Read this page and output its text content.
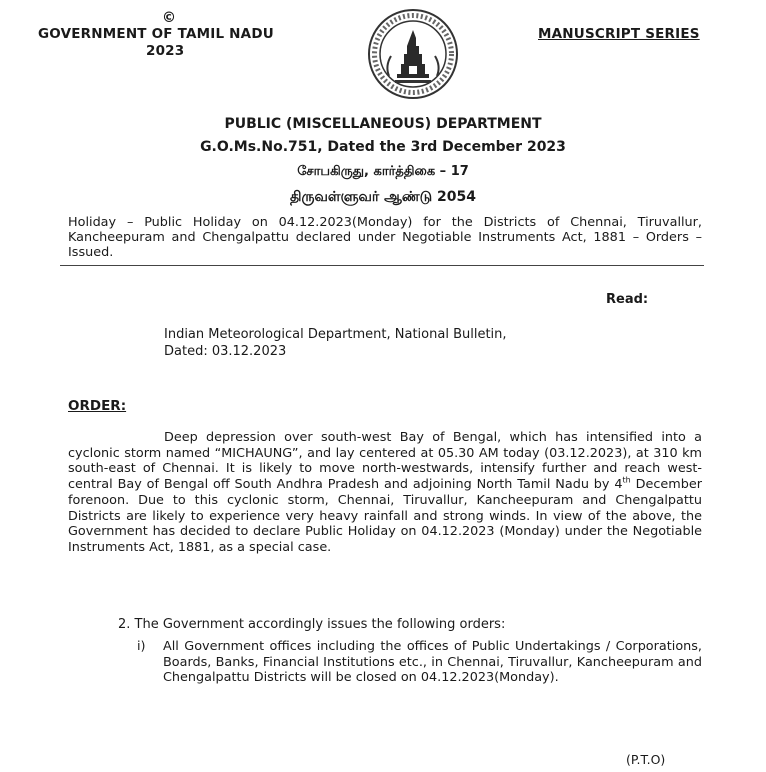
©
GOVERNMENT OF TAMIL NADU
2023
MANUSCRIPT SERIES
PUBLIC (MISCELLANEOUS) DEPARTMENT
G.O.Ms.No.751, Dated the 3rd December 2023
சோபகிருது, கார்த்திகை – 17
திருவள்ளுவர் ஆண்டு 2054
Holiday – Public Holiday on 04.12.2023(Monday) for the Districts of Chennai, Tiruvallur, Kancheepuram and Chengalpattu declared under Negotiable Instruments Act, 1881 – Orders – Issued.
Read:
Indian Meteorological Department, National Bulletin,
Dated: 03.12.2023
ORDER:
Deep depression over south-west Bay of Bengal, which has intensified into a cyclonic storm named “MICHAUNG”, and lay centered at 05.30 AM today (03.12.2023), at 310 km south-east of Chennai. It is likely to move north-westwards, intensify further and reach west-central Bay of Bengal off South Andhra Pradesh and adjoining North Tamil Nadu by 4th December forenoon. Due to this cyclonic storm, Chennai, Tiruvallur, Kancheepuram and Chengalpattu Districts are likely to experience very heavy rainfall and strong winds. In view of the above, the Government has decided to declare Public Holiday on 04.12.2023 (Monday) under the Negotiable Instruments Act, 1881, as a special case.
2. The Government accordingly issues the following orders:
i) All Government offices including the offices of Public Undertakings / Corporations, Boards, Banks, Financial Institutions etc., in Chennai, Tiruvallur, Kancheepuram and Chengalpattu Districts will be closed on 04.12.2023(Monday).
(P.T.O)
